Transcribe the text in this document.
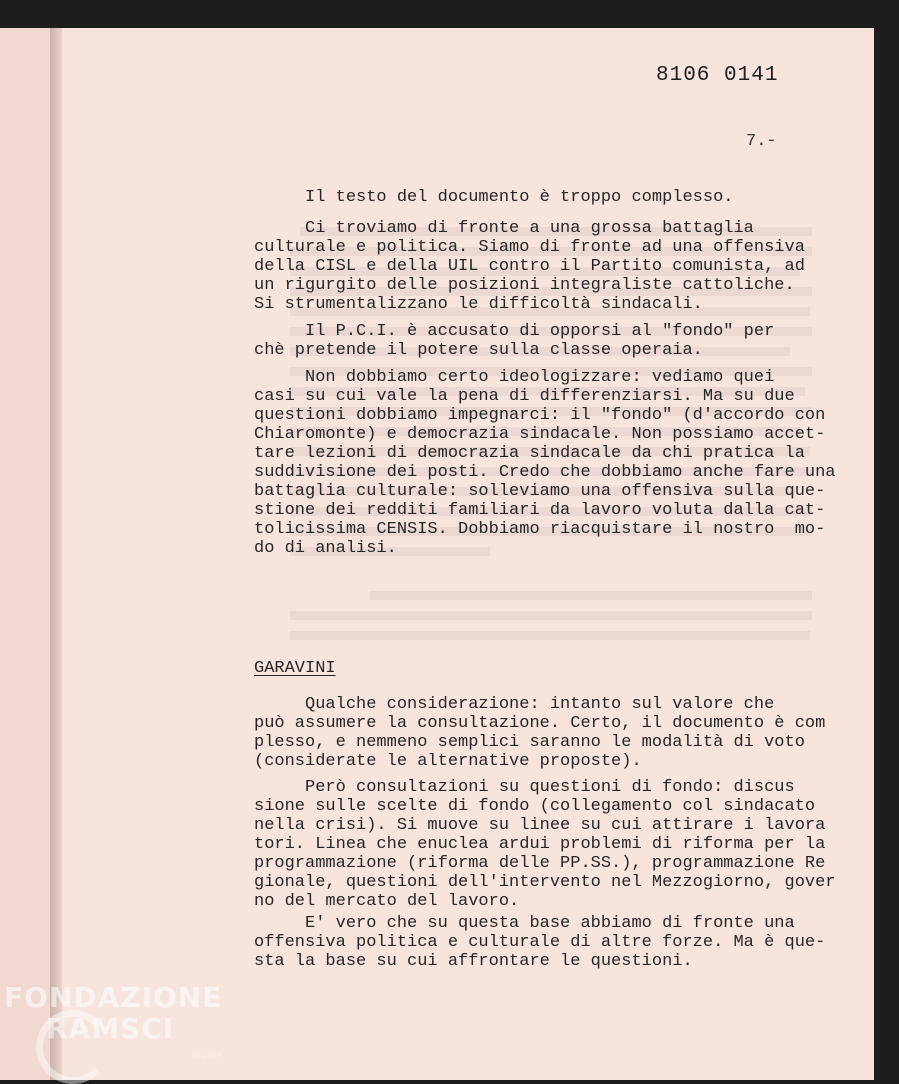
8106 0141
7.-
Il testo del documento è troppo complesso.
Ci troviamo di fronte a una grossa battaglia
culturale e politica. Siamo di fronte ad una offensiva
della CISL e della UIL contro il Partito comunista, ad
un rigurgito delle posizioni integraliste cattoliche.
Si strumentalizzano le difficoltà sindacali.
Il P.C.I. è accusato di opporsi al "fondo" per
chè pretende il potere sulla classe operaia.
Non dobbiamo certo ideologizzare: vediamo quei
casi su cui vale la pena di differenziarsi. Ma su due
questioni dobbiamo impegnarci: il "fondo" (d'accordo con
Chiaromonte) e democrazia sindacale. Non possiamo accet-
tare lezioni di democrazia sindacale da chi pratica la
suddivisione dei posti. Credo che dobbiamo anche fare una
battaglia culturale: solleviamo una offensiva sulla que-
stione dei redditi familiari da lavoro voluta dalla cat-
tolicissima CENSIS. Dobbiamo riacquistare il nostro  mo-
do di analisi.
GARAVINI
Qualche considerazione: intanto sul valore che
può assumere la consultazione. Certo, il documento è com
plesso, e nemmeno semplici saranno le modalità di voto
(considerate le alternative proposte).
Però consultazioni su questioni di fondo: discus
sione sulle scelte di fondo (collegamento col sindacato
nella crisi). Si muove su linee su cui attirare i lavora
tori. Linea che enuclea ardui problemi di riforma per la
programmazione (riforma delle PP.SS.), programmazione Re
gionale, questioni dell'intervento nel Mezzogiorno, gover
no del mercato del lavoro.
E' vero che su questa base abbiamo di fronte una
offensiva politica e culturale di altre forze. Ma è que-
sta la base su cui affrontare le questioni.
FONDAZIONE
RAMSCI
online
